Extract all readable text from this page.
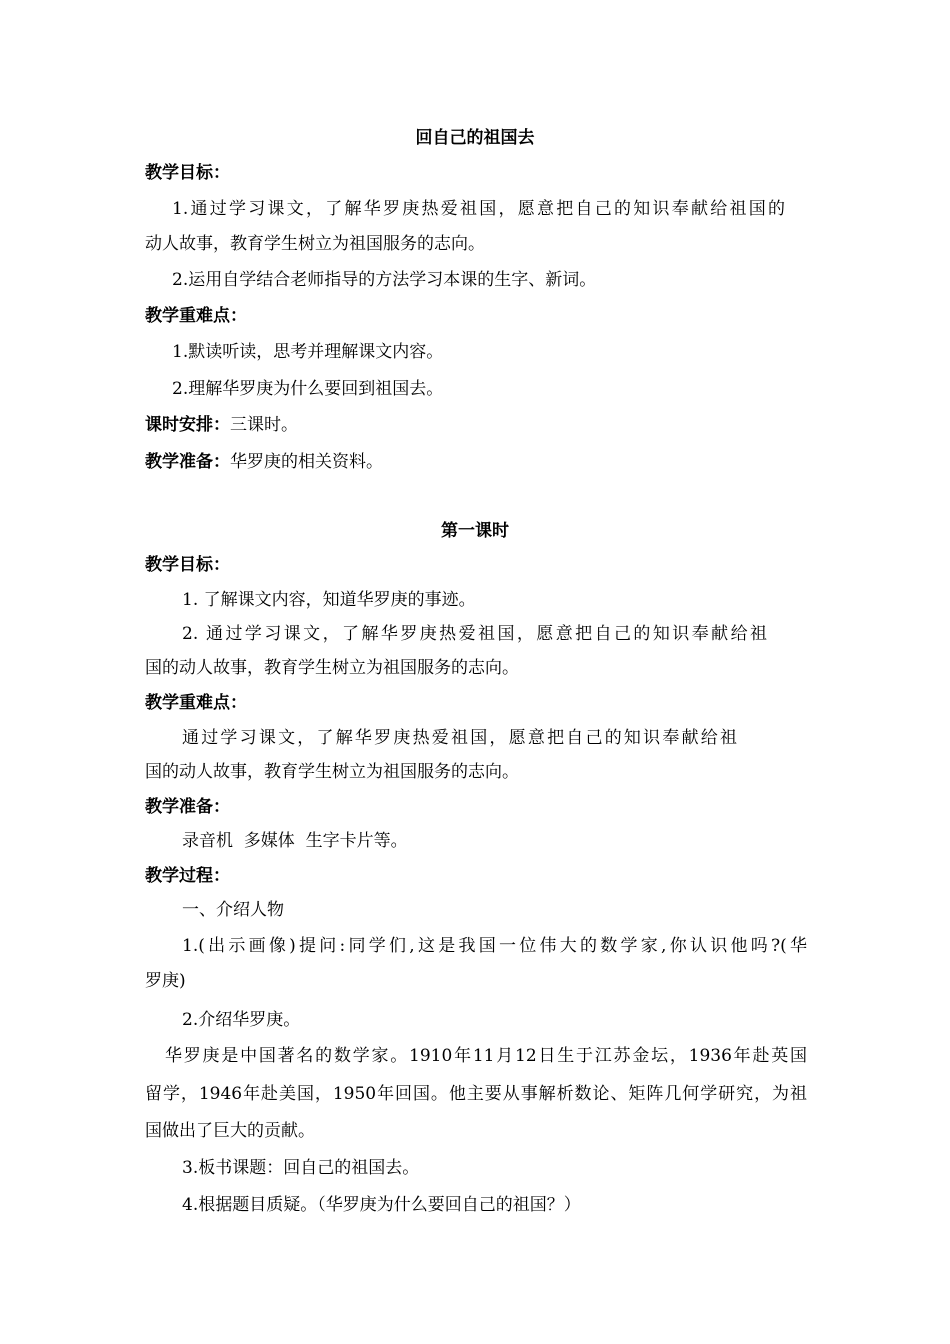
回自己的祖国去
教学目标：
1.通过学习课文，了解华罗庚热爱祖国，愿意把自己的知识奉献给祖国的
动人故事，教育学生树立为祖国服务的志向。
2.运用自学结合老师指导的方法学习本课的生字、新词。
教学重难点：
1.默读听读，思考并理解课文内容。
2.理解华罗庚为什么要回到祖国去。
课时安排：三课时。
教学准备：华罗庚的相关资料。
第一课时
教学目标：
1. 了解课文内容，知道华罗庚的事迹。
2. 通过学习课文，了解华罗庚热爱祖国，愿意把自己的知识奉献给祖
国的动人故事，教育学生树立为祖国服务的志向。
教学重难点：
通过学习课文，了解华罗庚热爱祖国，愿意把自己的知识奉献给祖
国的动人故事，教育学生树立为祖国服务的志向。
教学准备：
录音机  多媒体  生字卡片等。
教学过程：
一、介绍人物
1.(出示画像)提问:同学们,这是我国一位伟大的数学家,你认识他吗?(华
罗庚)
2.介绍华罗庚。
华罗庚是中国著名的数学家。1910年11月12日生于江苏金坛，1936年赴英国
留学，1946年赴美国，1950年回国。他主要从事解析数论、矩阵几何学研究，为祖
国做出了巨大的贡献。
3.板书课题：回自己的祖国去。
4.根据题目质疑。（华罗庚为什么要回自己的祖国？）
